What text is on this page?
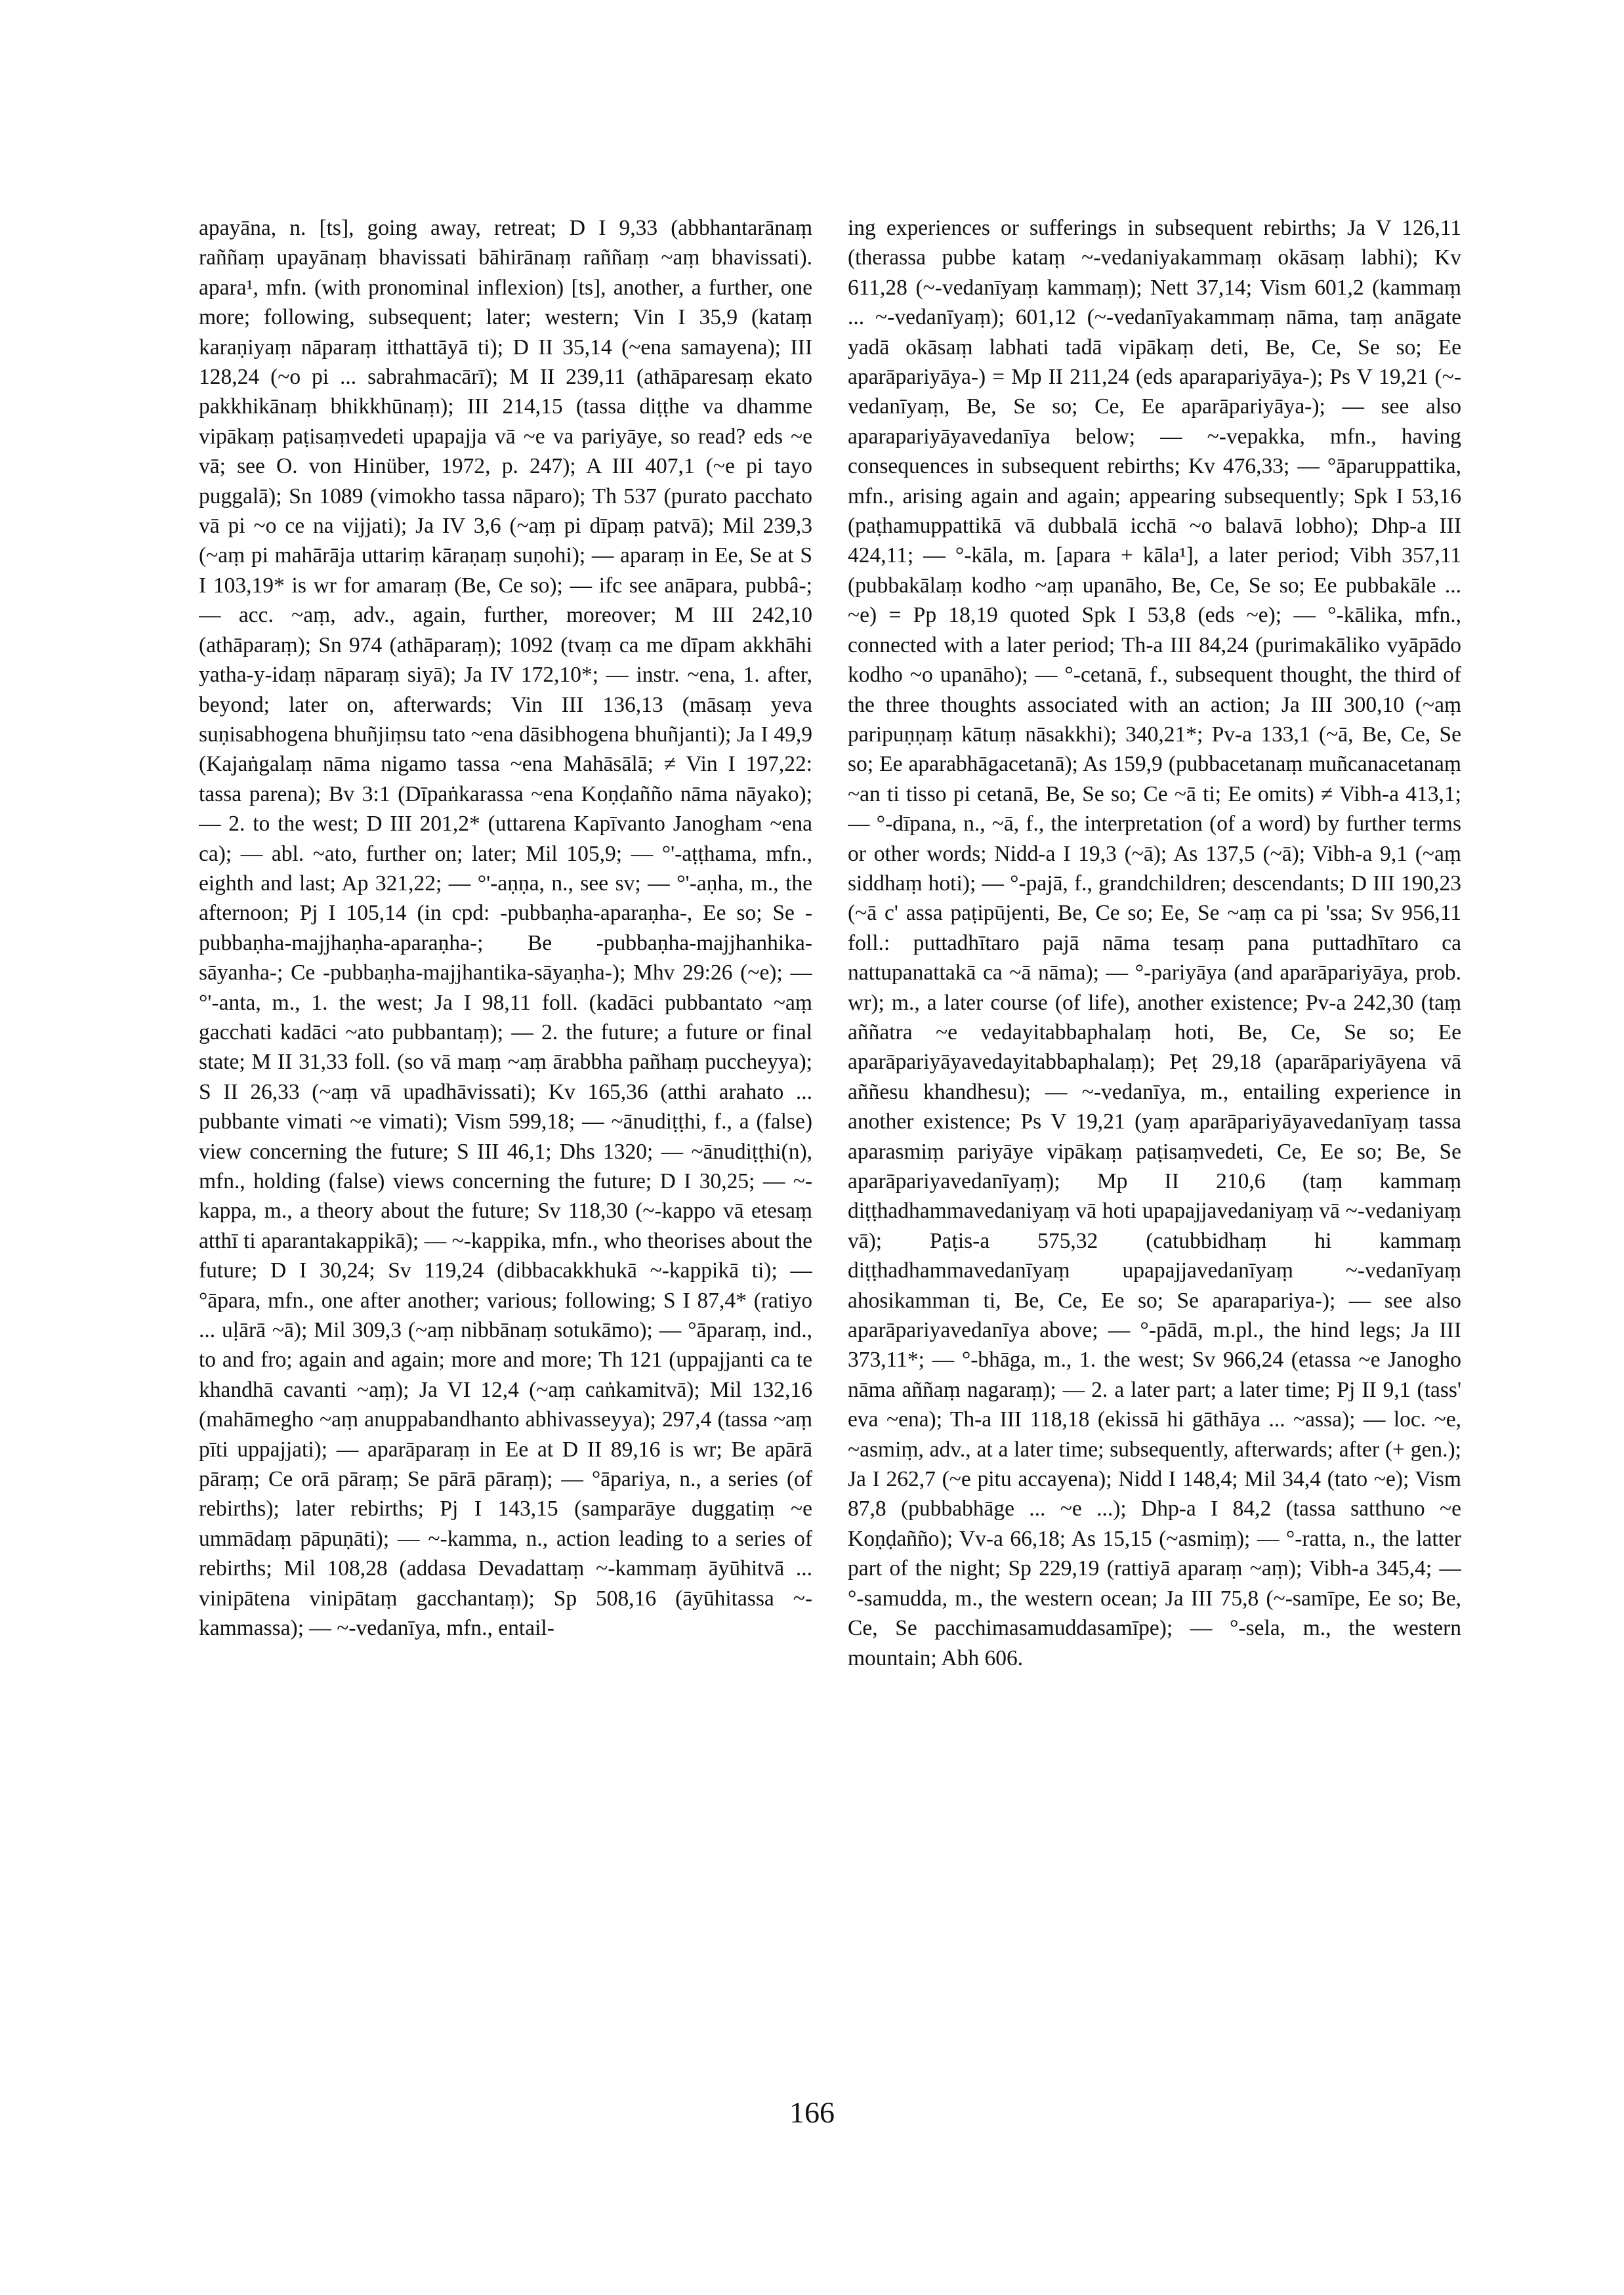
apayāna, n. [ts], going away, retreat; D I 9,33 (abbhantarānaṃ raññaṃ upayānaṃ bhavissati bāhirānaṃ raññaṃ ~aṃ bhavissati). apara¹, mfn. (with pronominal inflexion) [ts], another, a further, one more; following, subsequent; later; western; Vin I 35,9 (kataṃ karaṇiyaṃ nāparaṃ itthattāyā ti); D II 35,14 (~ena samayena); III 128,24 (~o pi ... sabrahmacārī); M II 239,11 (athāparesaṃ ekato pakkhikānaṃ bhikkhūnaṃ); III 214,15 (tassa diṭṭhe va dhamme vipākaṃ paṭisaṃvedeti upapajja vā ~e va pariyāye, so read? eds ~e vā; see O. von Hinüber, 1972, p. 247); A III 407,1 (~e pi tayo puggalā); Sn 1089 (vimokho tassa nāparo); Th 537 (purato pacchato vā pi ~o ce na vijjati); Ja IV 3,6 (~aṃ pi dīpaṃ patvā); Mil 239,3 (~aṃ pi mahārāja uttariṃ kāraṇaṃ suṇohi); — aparaṃ in Ee, Se at S I 103,19* is wr for amaraṃ (Be, Ce so); — ifc see anāpara, pubbâ-; — acc. ~aṃ, adv., again, further, moreover; M III 242,10 (athāparaṃ); Sn 974 (athāparaṃ); 1092 (tvaṃ ca me dīpam akkhāhi yatha-y-idaṃ nāparaṃ siyā); Ja IV 172,10*; — instr. ~ena, 1. after, beyond; later on, afterwards; Vin III 136,13 (māsaṃ yeva suṇisabhogena bhuñjiṃsu tato ~ena dāsibhogena bhuñjanti); Ja I 49,9 (Kajaṅgalaṃ nāma nigamo tassa ~ena Mahāsālā; ≠ Vin I 197,22: tassa parena); Bv 3:1 (Dīpaṅkarassa ~ena Koṇḍañño nāma nāyako); — 2. to the west; D III 201,2* (uttarena Kapīvanto Janogham ~ena ca); — abl. ~ato, further on; later; Mil 105,9; — °'-aṭṭhama, mfn., eighth and last; Ap 321,22; — °'-aṇṇa, n., see sv; — °'-aṇha, m., the afternoon; Pj I 105,14 (in cpd: -pubbaṇha-aparaṇha-, Ee so; Se -pubbaṇha-majjhaṇha-aparaṇha-; Be -pubbaṇha-majjhanhika-sāyanha-; Ce -pubbaṇha-majjhantika-sāyaṇha-); Mhv 29:26 (~e); — °'-anta, m., 1. the west; Ja I 98,11 foll. (kadāci pubbantato ~aṃ gacchati kadāci ~ato pubbantaṃ); — 2. the future; a future or final state; M II 31,33 foll. (so vā maṃ ~aṃ ārabbha pañhaṃ puccheyya); S II 26,33 (~aṃ vā upadhāvissati); Kv 165,36 (atthi arahato ... pubbante vimati ~e vimati); Vism 599,18; — ~ānudiṭṭhi, f., a (false) view concerning the future; S III 46,1; Dhs 1320; — ~ānudiṭṭhi(n), mfn., holding (false) views concerning the future; D I 30,25; — ~-kappa, m., a theory about the future; Sv 118,30 (~-kappo vā etesaṃ atthī ti aparantakappikā); — ~-kappika, mfn., who theorises about the future; D I 30,24; Sv 119,24 (dibbacakkhukā ~-kappikā ti); — °āpara, mfn., one after another; various; following; S I 87,4* (ratiyo ... uḷārā ~ā); Mil 309,3 (~aṃ nibbānaṃ sotukāmo); — °āparaṃ, ind., to and fro; again and again; more and more; Th 121 (uppajjanti ca te khandhā cavanti ~aṃ); Ja VI 12,4 (~aṃ caṅkamitvā); Mil 132,16 (mahāmegho ~aṃ anuppabandhanto abhivasseyya); 297,4 (tassa ~aṃ pīti uppajjati); — aparāparaṃ in Ee at D II 89,16 is wr; Be apārā pāraṃ; Ce orā pāraṃ; Se pārā pāraṃ); — °āpariya, n., a series (of rebirths); later rebirths; Pj I 143,15 (samparāye duggatiṃ ~e ummādaṃ pāpuṇāti); — ~-kamma, n., action leading to a series of rebirths; Mil 108,28 (addasa Devadattaṃ ~-kammaṃ āyūhitvā ... vinipātena vinipātaṃ gacchantaṃ); Sp 508,16 (āyūhitassa ~-kammassa); — ~-vedanīya, mfn., entail-

ing experiences or sufferings in subsequent rebirths; Ja V 126,11 (therassa pubbe kataṃ ~-vedaniyakammaṃ okāsaṃ labhi); Kv 611,28 (~-vedanīyaṃ kammaṃ); Nett 37,14; Vism 601,2 (kammaṃ ... ~-vedanīyaṃ); 601,12 (~-vedanīyakammaṃ nāma, taṃ anāgate yadā okāsaṃ labhati tadā vipākaṃ deti, Be, Ce, Se so; Ee aparāpariyāya-) = Mp II 211,24 (eds aparapariyāya-); Ps V 19,21 (~-vedanīyaṃ, Be, Se so; Ce, Ee aparāpariyāya-); — see also aparapariyāyavedanīya below; — ~-vepakka, mfn., having consequences in subsequent rebirths; Kv 476,33; — °āparuppattika, mfn., arising again and again; appearing subsequently; Spk I 53,16 (paṭhamuppattikā vā dubbalā icchā ~o balavā lobho); Dhp-a III 424,11; — °-kāla, m. [apara + kāla¹], a later period; Vibh 357,11 (pubbakālaṃ kodho ~aṃ upanāho, Be, Ce, Se so; Ee pubbakāle ... ~e) = Pp 18,19 quoted Spk I 53,8 (eds ~e); — °-kālika, mfn., connected with a later period; Th-a III 84,24 (purimakāliko vyāpādo kodho ~o upanāho); — °-cetanā, f., subsequent thought, the third of the three thoughts associated with an action; Ja III 300,10 (~aṃ paripuṇṇaṃ kātuṃ nāsakkhi); 340,21*; Pv-a 133,1 (~ā, Be, Ce, Se so; Ee aparabhāgacetanā); As 159,9 (pubbacetanaṃ muñcanacetanaṃ ~an ti tisso pi cetanā, Be, Se so; Ce ~ā ti; Ee omits) ≠ Vibh-a 413,1; — °-dīpana, n., ~ā, f., the interpretation (of a word) by further terms or other words; Nidd-a I 19,3 (~ā); As 137,5 (~ā); Vibh-a 9,1 (~aṃ siddhaṃ hoti); — °-pajā, f., grandchildren; descendants; D III 190,23 (~ā c' assa paṭipūjenti, Be, Ce so; Ee, Se ~aṃ ca pi 'ssa; Sv 956,11 foll.: puttadhītaro pajā nāma tesaṃ pana puttadhītaro ca nattupanattakā ca ~ā nāma); — °-pariyāya (and aparāpariyāya, prob. wr); m., a later course (of life), another existence; Pv-a 242,30 (taṃ aññatra ~e vedayitabbaphalaṃ hoti, Be, Ce, Se so; Ee aparāpariyāyavedayitabbaphalaṃ); Peṭ 29,18 (aparāpariyāyena vā aññesu khandhesu); — ~-vedanīya, m., entailing experience in another existence; Ps V 19,21 (yaṃ aparāpariyāyavedanīyaṃ tassa aparasmiṃ pariyāye vipākaṃ paṭisaṃvedeti, Ce, Ee so; Be, Se aparāpariyavedanīyaṃ); Mp II 210,6 (taṃ kammaṃ diṭṭhadhammavedaniyaṃ vā hoti upapajjavedaniyaṃ vā ~-vedaniyaṃ vā); Paṭis-a 575,32 (catubbidhaṃ hi kammaṃ diṭṭhadhammavedanīyaṃ upapajjavedanīyaṃ ~-vedanīyaṃ ahosikamman ti, Be, Ce, Ee so; Se aparapariya-); — see also aparāpariyavedanīya above; — °-pādā, m.pl., the hind legs; Ja III 373,11*; — °-bhāga, m., 1. the west; Sv 966,24 (etassa ~e Janogho nāma aññaṃ nagaraṃ); — 2. a later part; a later time; Pj II 9,1 (tass' eva ~ena); Th-a III 118,18 (ekissā hi gāthāya ... ~assa); — loc. ~e, ~asmiṃ, adv., at a later time; subsequently, afterwards; after (+ gen.); Ja I 262,7 (~e pitu accayena); Nidd I 148,4; Mil 34,4 (tato ~e); Vism 87,8 (pubbabhāge ... ~e ...); Dhp-a I 84,2 (tassa satthuno ~e Koṇḍañño); Vv-a 66,18; As 15,15 (~asmiṃ); — °-ratta, n., the latter part of the night; Sp 229,19 (rattiyā aparaṃ ~aṃ); Vibh-a 345,4; — °-samudda, m., the western ocean; Ja III 75,8 (~-samīpe, Ee so; Be, Ce, Se pacchimasamuddasamīpe); — °-sela, m., the western mountain; Abh 606.

166
